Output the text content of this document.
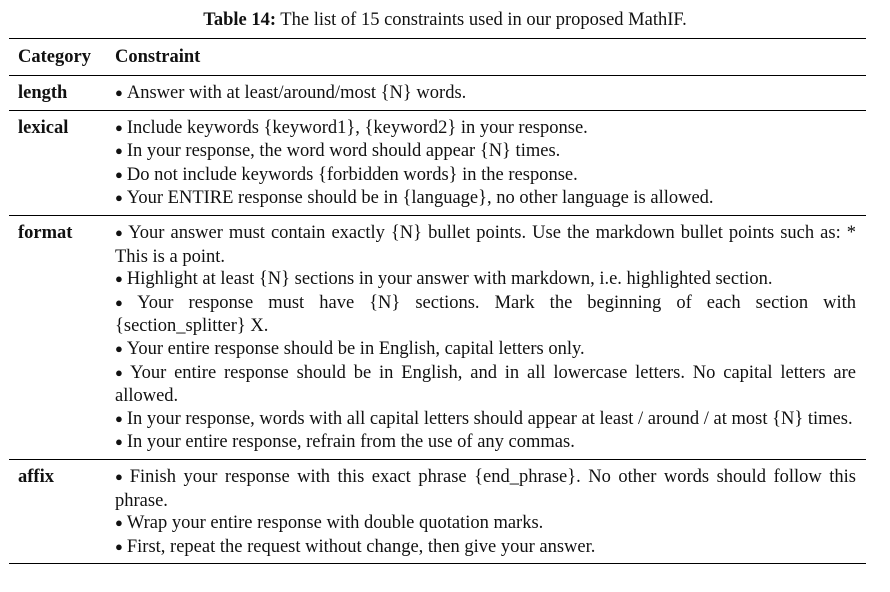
Table 14: The list of 15 constraints used in our proposed MathIF.
Category	Constraint
length	● Answer with at least/around/most {N} words.

lexical	● Include keywords {keyword1}, {keyword2} in your response.

● In your response, the word word should appear {N} times.

● Do not include keywords {forbidden words} in the response.

● Your ENTIRE response should be in {language}, no other language is allowed.

format	● Your answer must contain exactly {N} bullet points. Use the markdown bullet points such as: * This is a point.

● Highlight at least {N} sections in your answer with markdown, i.e. highlighted section.

● Your response must have {N} sections. Mark the beginning of each section with {section_splitter} X.

● Your entire response should be in English, capital letters only.

● Your entire response should be in English, and in all lowercase letters. No capital letters are allowed.

● In your response, words with all capital letters should appear at least / around / at most {N} times.

● In your entire response, refrain from the use of any commas.

affix	● Finish your response with this exact phrase {end_phrase}. No other words should follow this phrase.

● Wrap your entire response with double quotation marks.

● First, repeat the request without change, then give your answer.
